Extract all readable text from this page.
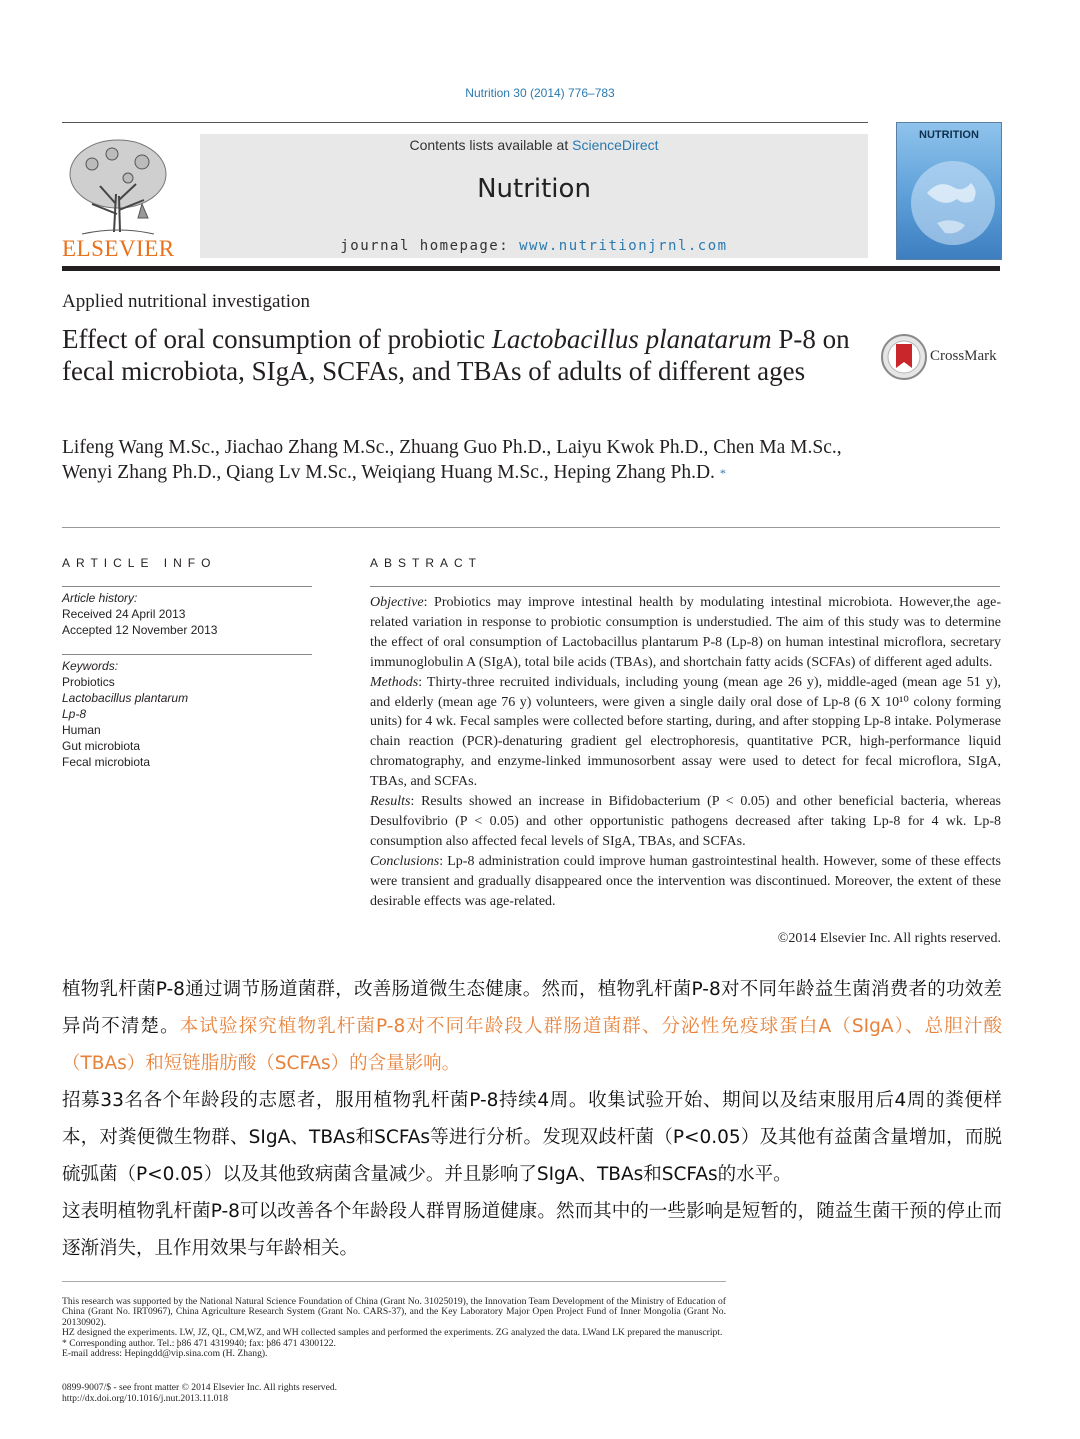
Nutrition 30 (2014) 776–783
ELSEVIER
Contents lists available at ScienceDirect
Nutrition
journal homepage: www.nutritionjrnl.com
NUTRITION
Applied nutritional investigation
Effect of oral consumption of probiotic Lactobacillus planatarum P-8 on fecal microbiota, SIgA, SCFAs, and TBAs of adults of different ages	CrossMark
Lifeng Wang M.Sc., Jiachao Zhang M.Sc., Zhuang Guo Ph.D., Laiyu Kwok Ph.D., Chen Ma M.Sc., Wenyi Zhang Ph.D., Qiang Lv M.Sc., Weiqiang Huang M.Sc., Heping Zhang Ph.D. *
ARTICLE INFO
Article history:
Received 24 April 2013
Accepted 12 November 2013
Keywords:
Probiotics
Lactobacillus plantarum
Lp-8
Human
Gut microbiota
Fecal microbiota
ABSTRACT

Objective: Probiotics may improve intestinal health by modulating intestinal microbiota. However,the age-related variation in response to probiotic consumption is understudied. The aim of this study was to determine the effect of oral consumption of Lactobacillus plantarum P-8 (Lp-8) on human intestinal microflora, secretary immunoglobulin A (SIgA), total bile acids (TBAs), and shortchain fatty acids (SCFAs) of different aged adults.

Methods: Thirty-three recruited individuals, including young (mean age 26 y), middle-aged (mean age 51 y), and elderly (mean age 76 y) volunteers, were given a single daily oral dose of Lp-8 (6 X 10¹⁰ colony forming units) for 4 wk. Fecal samples were collected before starting, during, and after stopping Lp-8 intake. Polymerase chain reaction (PCR)-denaturing gradient gel electrophoresis, quantitative PCR, high-performance liquid chromatography, and enzyme-linked immunosorbent assay were used to detect for fecal microflora, SIgA, TBAs, and SCFAs.

Results: Results showed an increase in Bifidobacterium (P < 0.05) and other beneficial bacteria, whereas Desulfovibrio (P < 0.05) and other opportunistic pathogens decreased after taking Lp-8 for 4 wk. Lp-8 consumption also affected fecal levels of SIgA, TBAs, and SCFAs.

Conclusions: Lp-8 administration could improve human gastrointestinal health. However, some of these effects were transient and gradually disappeared once the intervention was discontinued. Moreover, the extent of these desirable effects was age-related.

©2014 Elsevier Inc. All rights reserved.

植物乳杆菌P-8通过调节肠道菌群，改善肠道微生态健康。然而，植物乳杆菌P-8对不同年龄益生菌消费者的功效差异尚不清楚。本试验探究植物乳杆菌P-8对不同年龄段人群肠道菌群、分泌性免疫球蛋白A（SIgA）、总胆汁酸（TBAs）和短链脂肪酸（SCFAs）的含量影响。

招募33名各个年龄段的志愿者，服用植物乳杆菌P-8持续4周。收集试验开始、期间以及结束服用后4周的粪便样本，对粪便微生物群、SIgA、TBAs和SCFAs等进行分析。发现双歧杆菌（P<0.05）及其他有益菌含量增加，而脱硫弧菌（P<0.05）以及其他致病菌含量减少。并且影响了SIgA、TBAs和SCFAs的水平。

这表明植物乳杆菌P-8可以改善各个年龄段人群胃肠道健康。然而其中的一些影响是短暂的，随益生菌干预的停止而逐渐消失，且作用效果与年龄相关。

This research was supported by the National Natural Science Foundation of China (Grant No. 31025019), the Innovation Team Development of the Ministry of Education of China (Grant No. IRT0967), China Agriculture Research System (Grant No. CARS-37), and the Key Laboratory Major Open Project Fund of Inner Mongolia (Grant No. 20130902).

HZ designed the experiments. LW, JZ, QL, CM,WZ, and WH collected samples and performed the experiments. ZG analyzed the data. LWand LK prepared the manuscript.

* Corresponding author. Tel.: þ86 471 4319940; fax: þ86 471 4300122.

E-mail address: Hepingdd@vip.sina.com (H. Zhang).

0899-9007/$ - see front matter © 2014 Elsevier Inc. All rights reserved.
http://dx.doi.org/10.1016/j.nut.2013.11.018
